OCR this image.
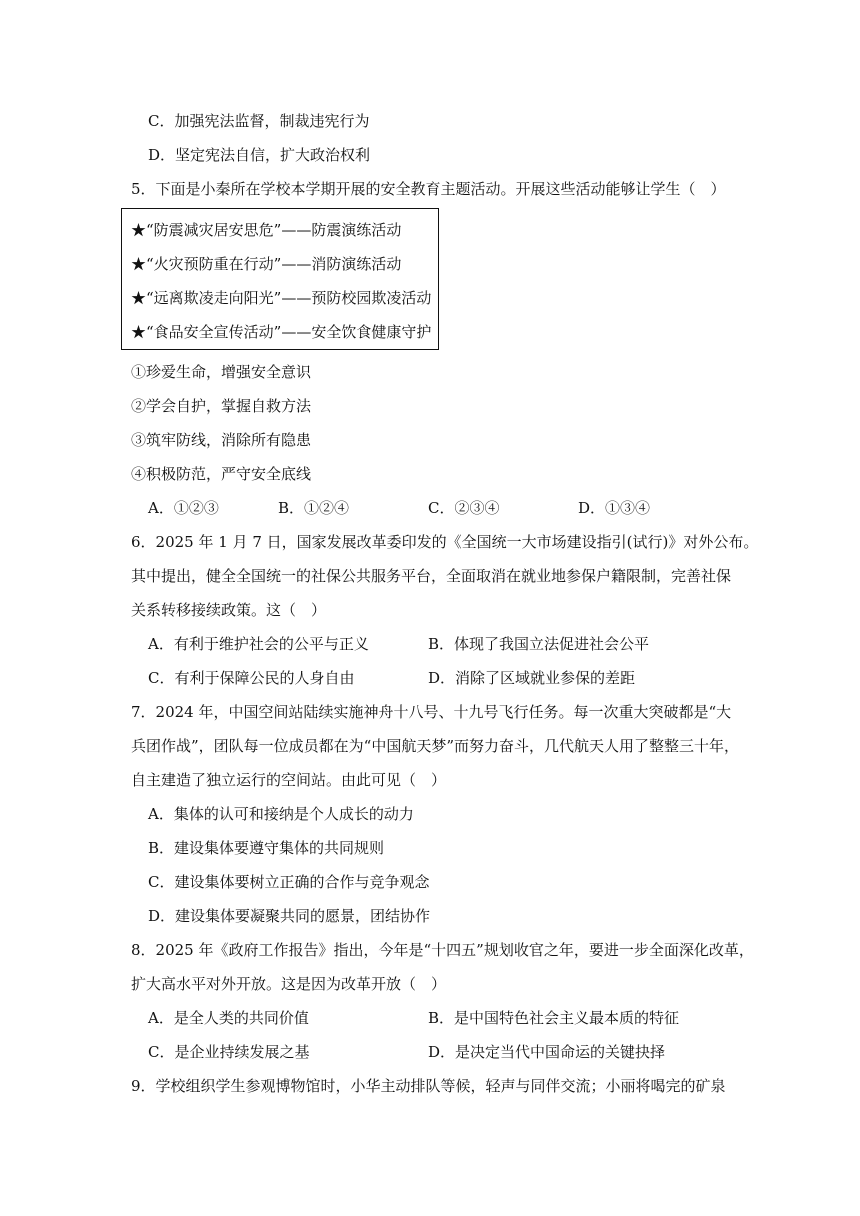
C．加强宪法监督，制裁违宪行为
D．坚定宪法自信，扩大政治权利
5．下面是小秦所在学校本学期开展的安全教育主题活动。开展这些活动能够让学生（　）
★“防震减灾居安思危”——防震演练活动
★“火灾预防重在行动”——消防演练活动
★“远离欺凌走向阳光”——预防校园欺凌活动
★“食品安全宣传活动”——安全饮食健康守护
①珍爱生命，增强安全意识
②学会自护，掌握自救方法
③筑牢防线，消除所有隐患
④积极防范，严守安全底线
A．①②③	B．①②④	C．②③④	D．①③④
6．2025 年 1 月 7 日，国家发展改革委印发的《全国统一大市场建设指引(试行)》对外公布。
其中提出，健全全国统一的社保公共服务平台，全面取消在就业地参保户籍限制，完善社保
关系转移接续政策。这（　）
A．有利于维护社会的公平与正义	B．体现了我国立法促进社会公平
C．有利于保障公民的人身自由	D．消除了区域就业参保的差距
7．2024 年，中国空间站陆续实施神舟十八号、十九号飞行任务。每一次重大突破都是“大
兵团作战”，团队每一位成员都在为“中国航天梦”而努力奋斗，几代航天人用了整整三十年，
自主建造了独立运行的空间站。由此可见（　）
A．集体的认可和接纳是个人成长的动力
B．建设集体要遵守集体的共同规则
C．建设集体要树立正确的合作与竞争观念
D．建设集体要凝聚共同的愿景，团结协作
8．2025 年《政府工作报告》指出，今年是“十四五”规划收官之年，要进一步全面深化改革，
扩大高水平对外开放。这是因为改革开放（　）
A．是全人类的共同价值	B．是中国特色社会主义最本质的特征
C．是企业持续发展之基	D．是决定当代中国命运的关键抉择
9．学校组织学生参观博物馆时，小华主动排队等候，轻声与同伴交流；小丽将喝完的矿泉
